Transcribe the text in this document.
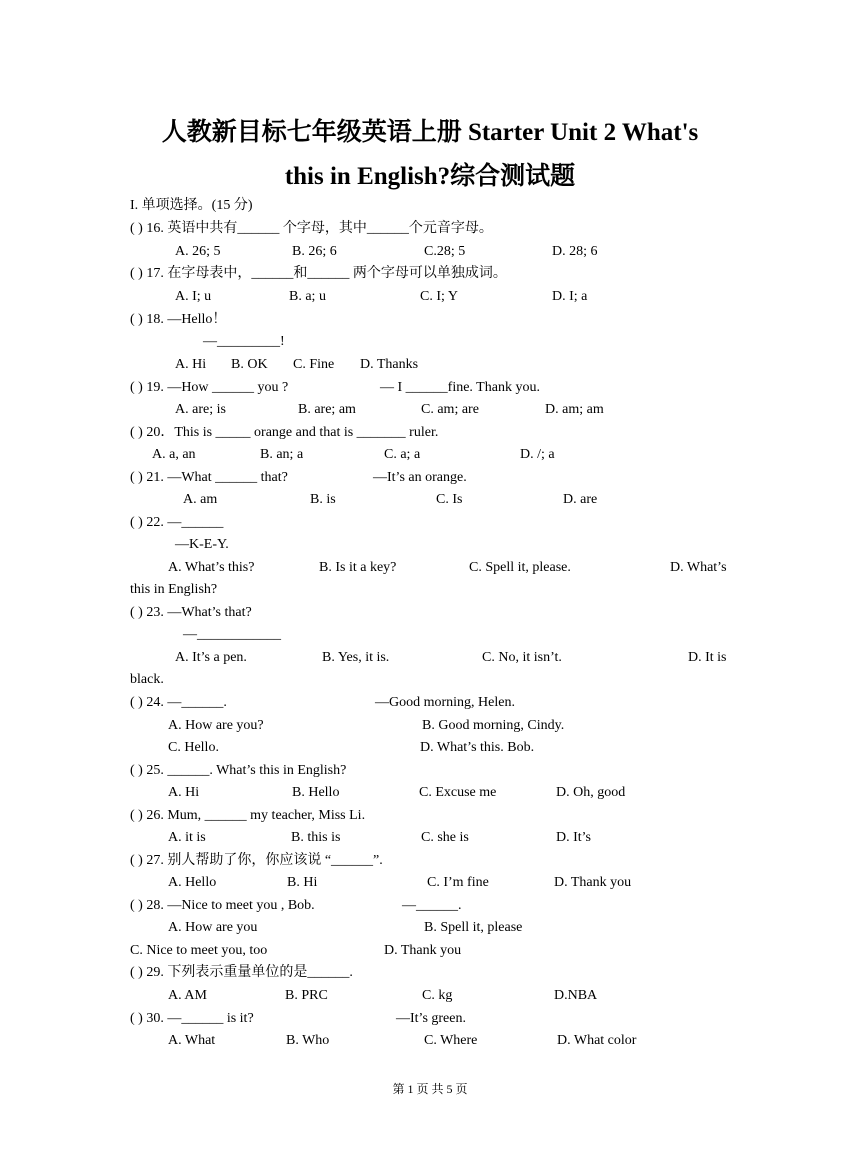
人教新目标七年级英语上册 Starter Unit 2 What's
this in English?综合测试题
I. 单项选择。(15 分)
( ) 16. 英语中共有______ 个字母，其中______个元音字母。
A. 26; 5	B. 26; 6	C.28; 5	D. 28; 6
( ) 17. 在字母表中，______和______ 两个字母可以单独成词。
A. I; u	B. a; u	C. I; Y	D. I; a
( ) 18. —Hello！
—_________!
A. Hi B. OK C. Fine D. Thanks
( ) 19. —How ______ you ?	— I ______fine. Thank you.
A. are; is	B. are; am	C. am; are	D. am; am
( ) 20．This is _____ orange and that is _______ ruler.
A. a, an	B. an; a	C. a; a	D. /; a
( ) 21. —What ______ that?	—It’s an orange.
A. am	B. is	C. Is	D. are
( ) 22. —______
—K-E-Y.
A. What’s this?	B. Is it a key?	C. Spell it, please.	D. What’s
this in English?
( ) 23. —What’s that?
—____________
A. It’s a pen.	B. Yes, it is.	C. No, it isn’t.	D. It is
black.
( ) 24. —______.	—Good morning, Helen.
A. How are you?	B. Good morning, Cindy.
C. Hello.	D. What’s this. Bob.
( ) 25. ______. What’s this in English?
A. Hi	B. Hello	C. Excuse me	D. Oh, good
( ) 26. Mum, ______ my teacher, Miss Li.
A. it is	B. this is	C. she is	D. It’s
( ) 27. 别人帮助了你，你应该说 “______”.
A. Hello	B. Hi	C. I’m fine	D. Thank you
( ) 28. —Nice to meet you , Bob.	—______.
A. How are you	B. Spell it, please
C. Nice to meet you, too	D. Thank you
( ) 29. 下列表示重量单位的是______.
A. AM	B. PRC	C. kg	D.NBA
( ) 30. —______ is it?	—It’s green.
A. What	B. Who	C. Where	D. What color
第 1 页 共 5 页
